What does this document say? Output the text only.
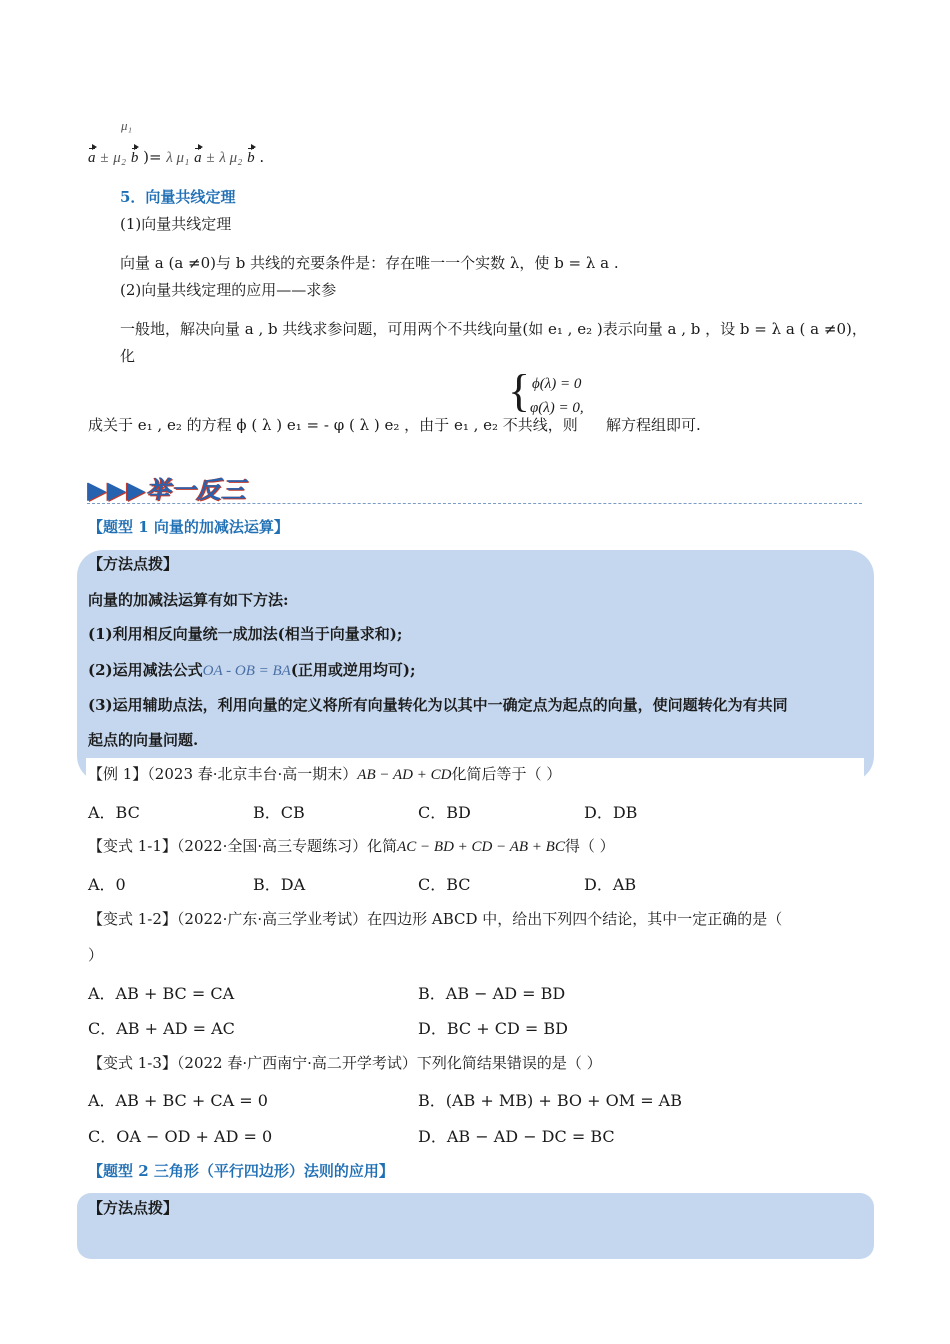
μ₁
a ± μ₂ b )= λ μ₁ a ± λ μ₂ b .
5．向量共线定理
(1)向量共线定理
向量 a (a ≠0)与 b 共线的充要条件是：存在唯一一个实数 λ，使 b = λ a .
(2)向量共线定理的应用——求参
一般地，解决向量 a , b 共线求参问题，可用两个不共线向量(如 e₁ , e₂ )表示向量 a , b ，设 b = λ a ( a ≠0)，
化
成关于 e₁ , e₂ 的方程 ϕ ( λ ) e₁ = - φ ( λ ) e₂ ，由于 e₁ , e₂ 不共线，则
{ ϕ(λ) = 0
φ(λ) = 0,
解方程组即可.
▶▶▶举一反三
【题型 1 向量的加减法运算】
【方法点拨】
向量的加减法运算有如下方法:
(1)利用相反向量统一成加法(相当于向量求和);
(2)运用减法公式OA - OB = BA(正用或逆用均可);
(3)运用辅助点法，利用向量的定义将所有向量转化为以其中一确定点为起点的向量，使问题转化为有共同
起点的向量问题.
【例 1】（2023 春·北京丰台·高一期末）AB − AD + CD化简后等于（ ）
A．BC	B．CB	C．BD	D．DB
【变式 1-1】（2022·全国·高三专题练习）化简AC − BD + CD − AB + BC得（ ）
A．0	B．DA	C．BC	D．AB
【变式 1-2】（2022·广东·高三学业考试）在四边形 ABCD 中，给出下列四个结论，其中一定正确的是（
）
A．AB + BC = CA	B．AB − AD = BD
C．AB + AD = AC	D．BC + CD = BD
【变式 1-3】（2022 春·广西南宁·高二开学考试）下列化简结果错误的是（ ）
A．AB + BC + CA = 0	B．(AB + MB) + BO + OM = AB
C．OA − OD + AD = 0	D．AB − AD − DC = BC
【题型 2 三角形（平行四边形）法则的应用】
【方法点拨】
